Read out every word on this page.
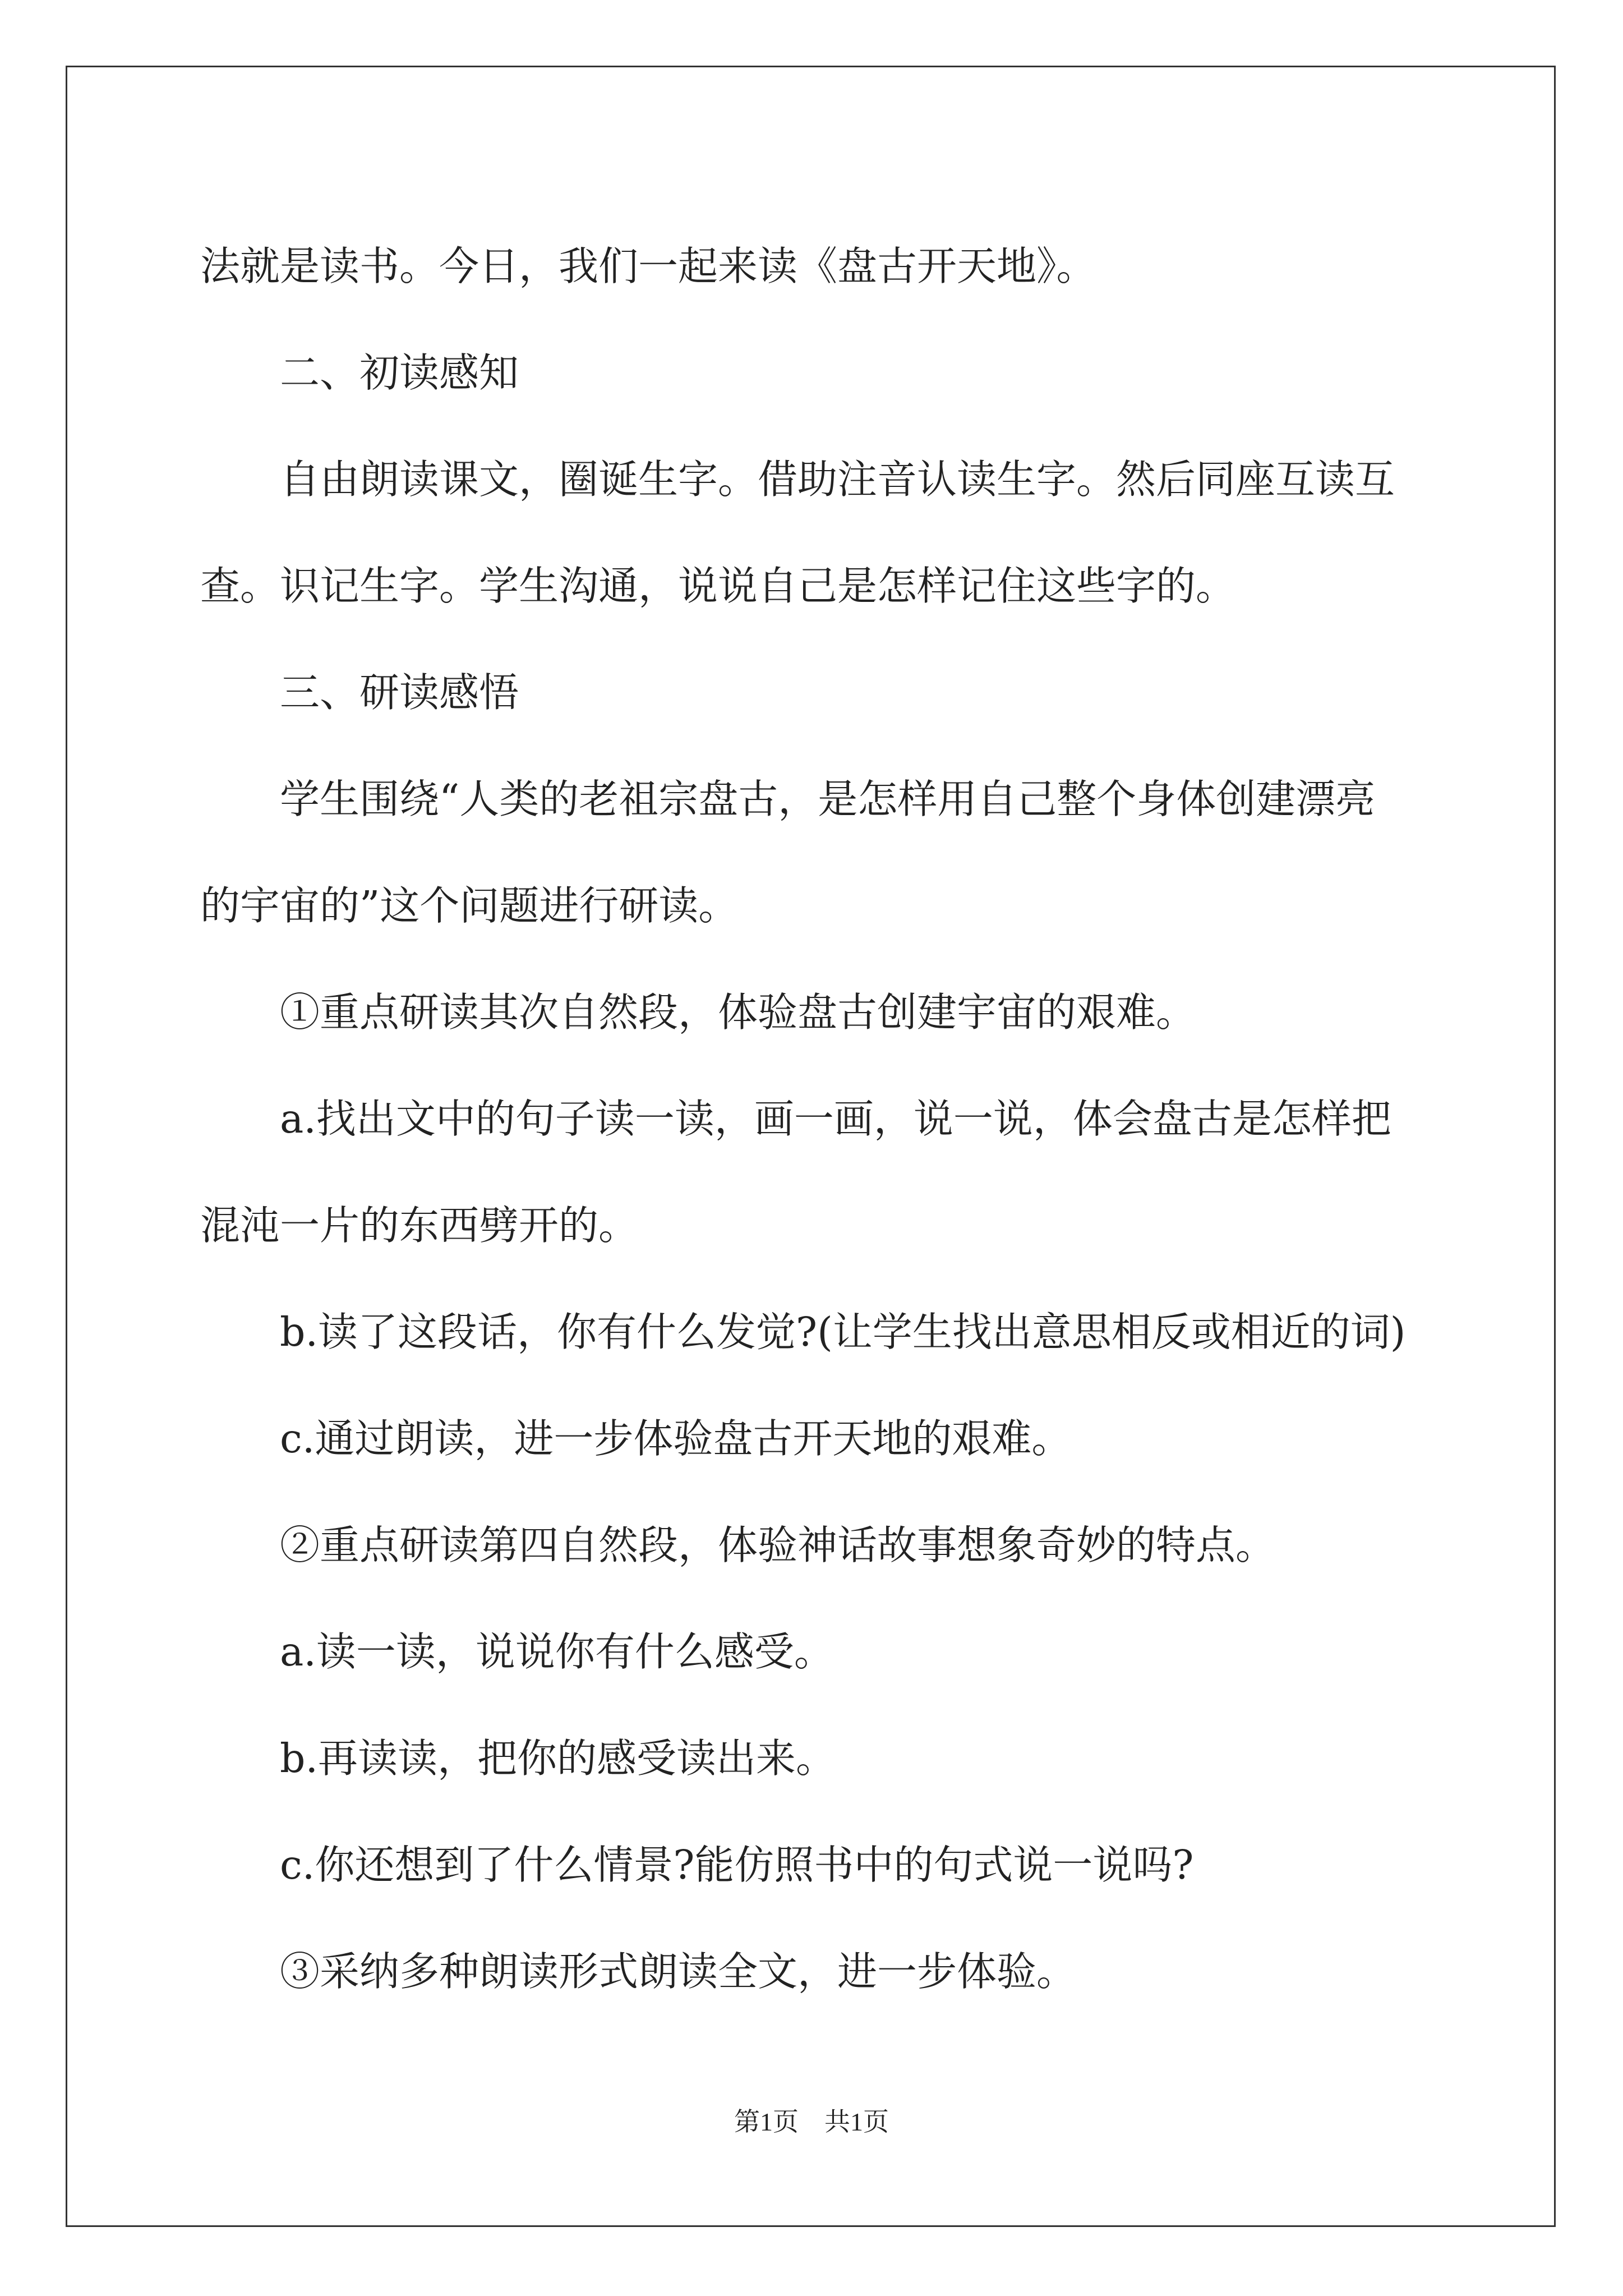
法就是读书。今日，我们一起来读《盘古开天地》。

二、初读感知

自由朗读课文，圈诞生字。借助注音认读生字。然后同座互读互

查。识记生字。学生沟通，说说自己是怎样记住这些字的。

三、研读感悟

学生围绕“人类的老祖宗盘古，是怎样用自己整个身体创建漂亮

的宇宙的”这个问题进行研读。

①重点研读其次自然段，体验盘古创建宇宙的艰难。

a.找出文中的句子读一读，画一画，说一说，体会盘古是怎样把

混沌一片的东西劈开的。

b.读了这段话，你有什么发觉?(让学生找出意思相反或相近的词)

c.通过朗读，进一步体验盘古开天地的艰难。

②重点研读第四自然段，体验神话故事想象奇妙的特点。

a.读一读，说说你有什么感受。

b.再读读，把你的感受读出来。

c.你还想到了什么情景?能仿照书中的句式说一说吗?

③采纳多种朗读形式朗读全文，进一步体验。

第1页　共1页
